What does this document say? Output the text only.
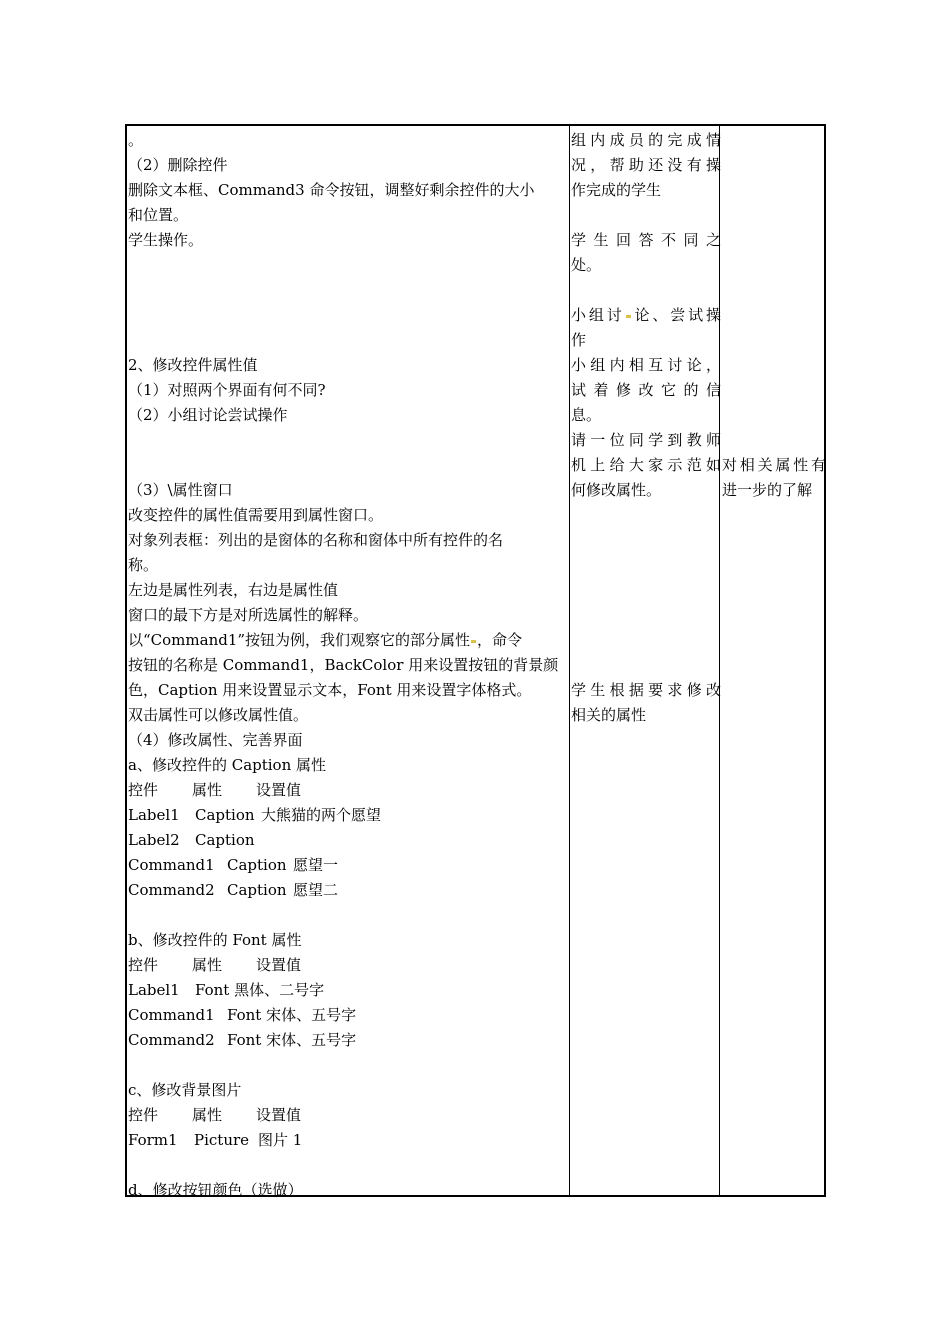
。
（2）删除控件
删除文本框、Command3 命令按钮，调整好剩余控件的大小
和位置。
学生操作。
2、修改控件属性值
（1）对照两个界面有何不同?
（2）小组讨论尝试操作
（3）\属性窗口
改变控件的属性值需要用到属性窗口。
对象列表框：列出的是窗体的名称和窗体中所有控件的名
称。
左边是属性列表，右边是属性值
窗口的最下方是对所选属性的解释。
以“Command1”按钮为例，我们观察它的部分属性 ，命令
按钮的名称是 Command1，BackColor 用来设置按钮的背景颜
色，Caption 用来设置显示文本，Font 用来设置字体格式。
双击属性可以修改属性值。
（4）修改属性、完善界面
a、修改控件的 Caption 属性
控件 属性 设置值
Label1 Caption 大熊猫的两个愿望
Label2 Caption
Command1 Caption 愿望一
Command2 Caption 愿望二
b、修改控件的 Font 属性
控件 属性 设置值
Label1 Font 黑体、二号字
Command1 Font 宋体、五号字
Command2 Font 宋体、五号字
c、修改背景图片
控件 属性 设置值
Form1 Picture 图片 1
d、修改按钮颜色（选做）
组内成员的完成情
况，帮助还没有操
作完成的学生
学生回答不同之
处。
小组讨 论、尝试操
作
小组内相互讨论，
试着修改它的信
息。
请一位同学到教师
机上给大家示范如
何修改属性。
学生根据要求修改
相关的属性
对相关属性有
进一步的了解
